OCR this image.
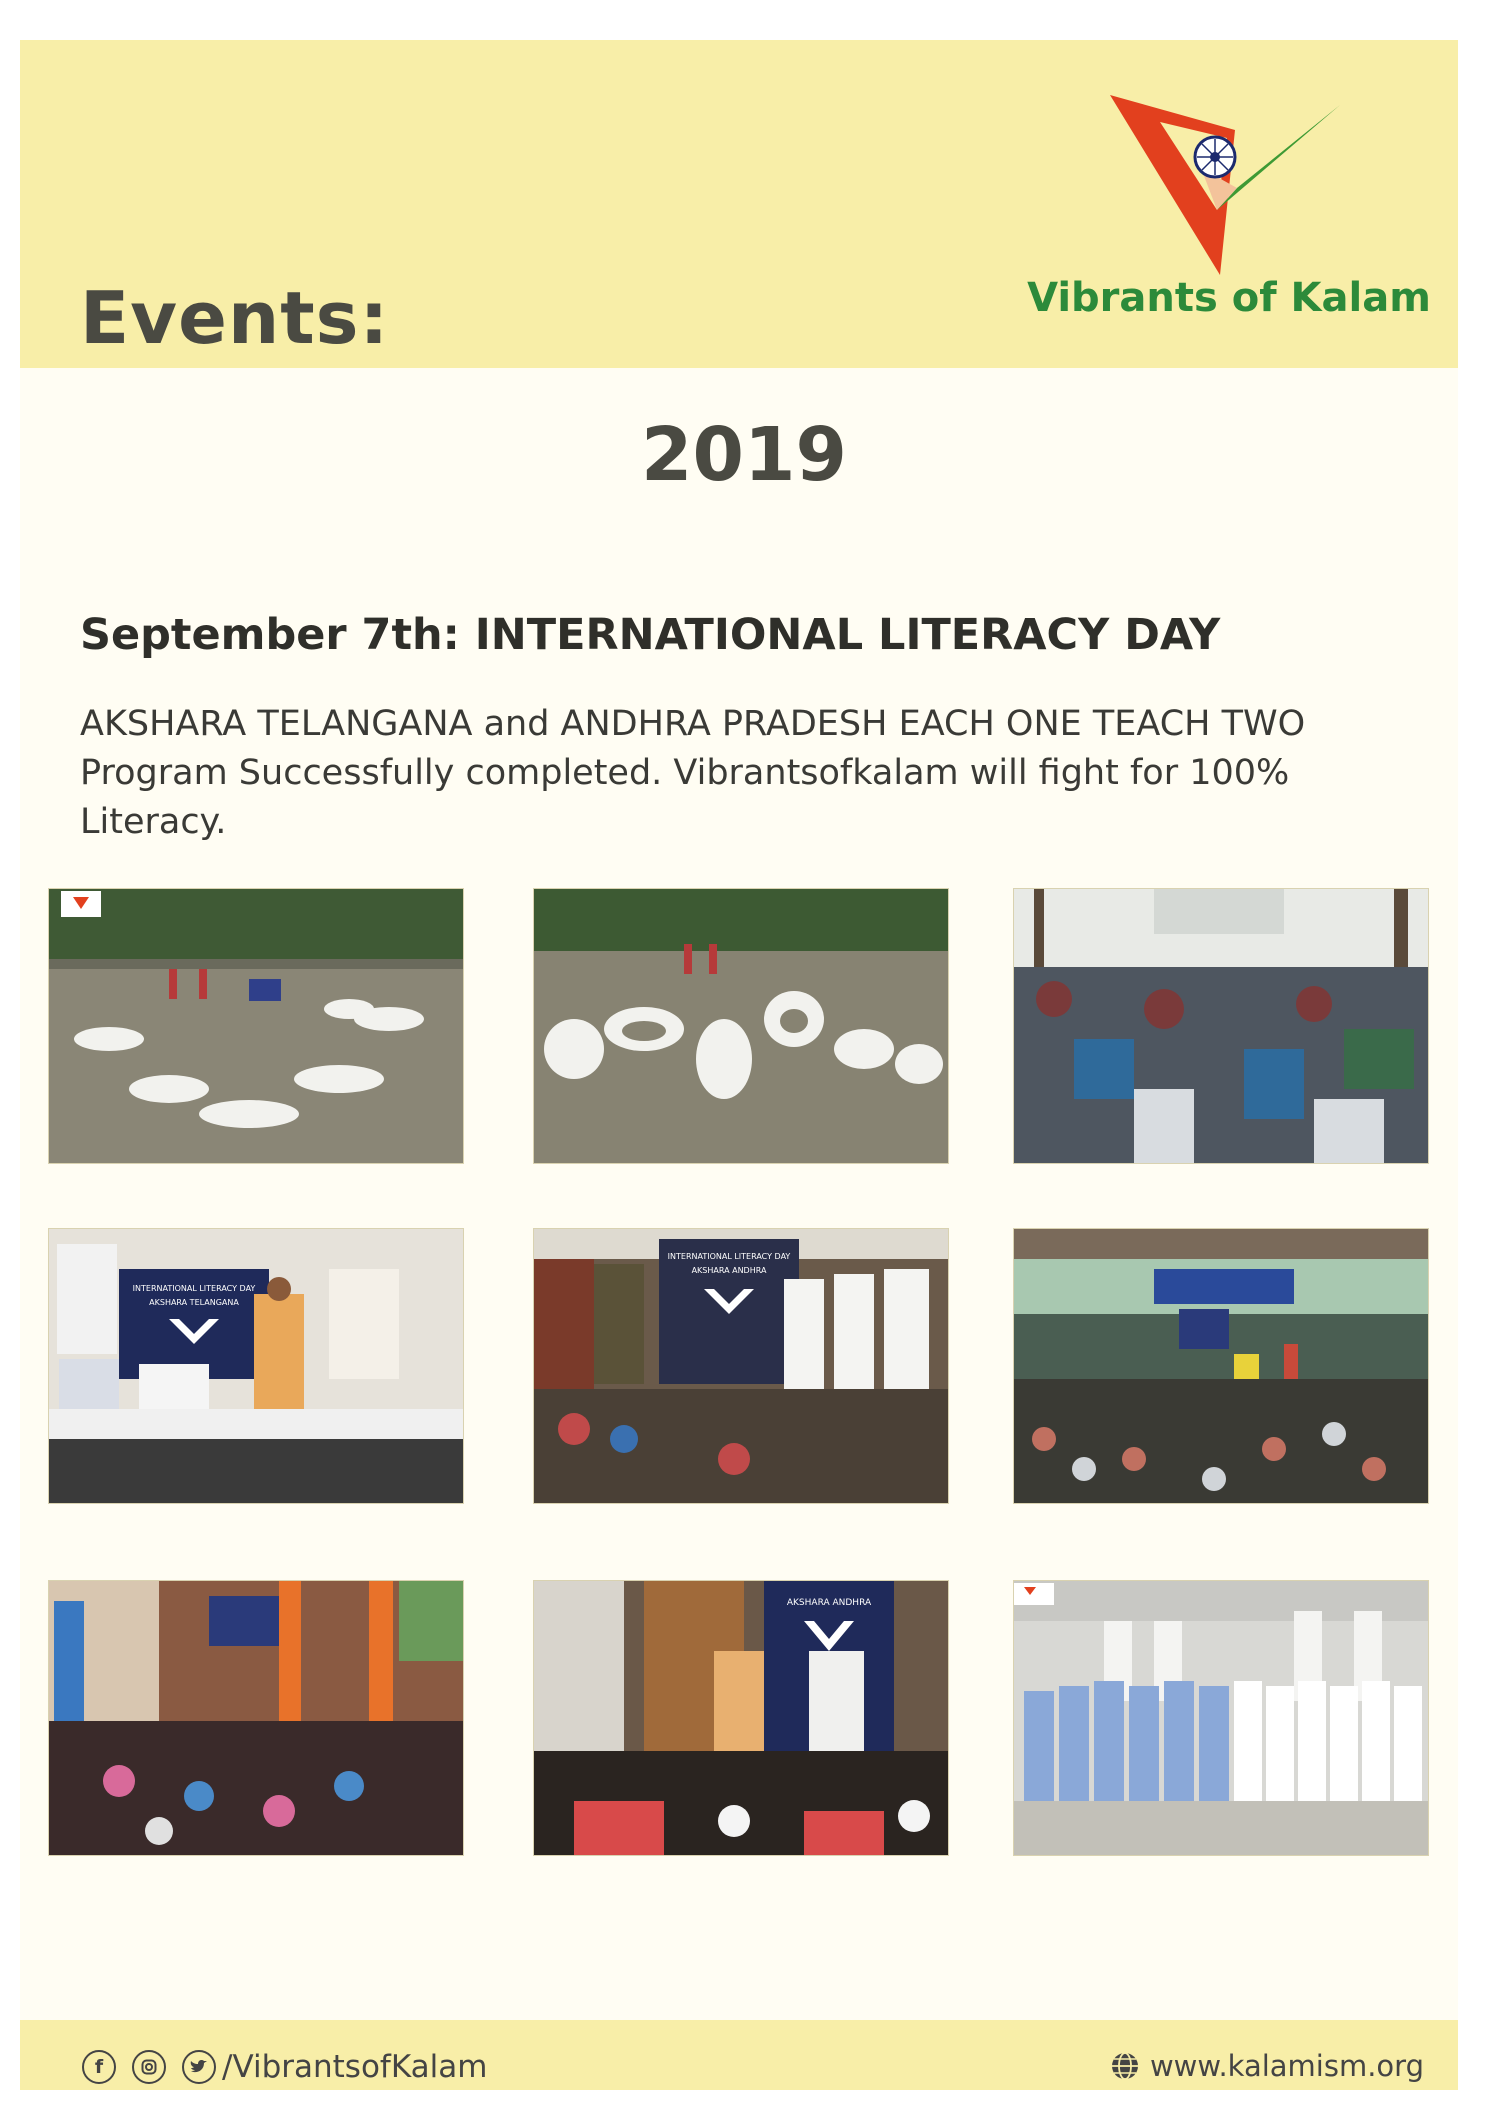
Events:	Vibrants of Kalam
2019
September 7th: INTERNATIONAL LITERACY DAY
AKSHARA TELANGANA and ANDHRA PRADESH EACH ONE TEACH TWO Program Successfully completed. Vibrantsofkalam will fight for 100% Literacy.
INTERNATIONAL LITERACY DAY
AKSHARA TELANGANA
INTERNATIONAL LITERACY DAY
AKSHARA ANDHRA
AKSHARA ANDHRA
f	/VibrantsofKalam	www.kalamism.org
